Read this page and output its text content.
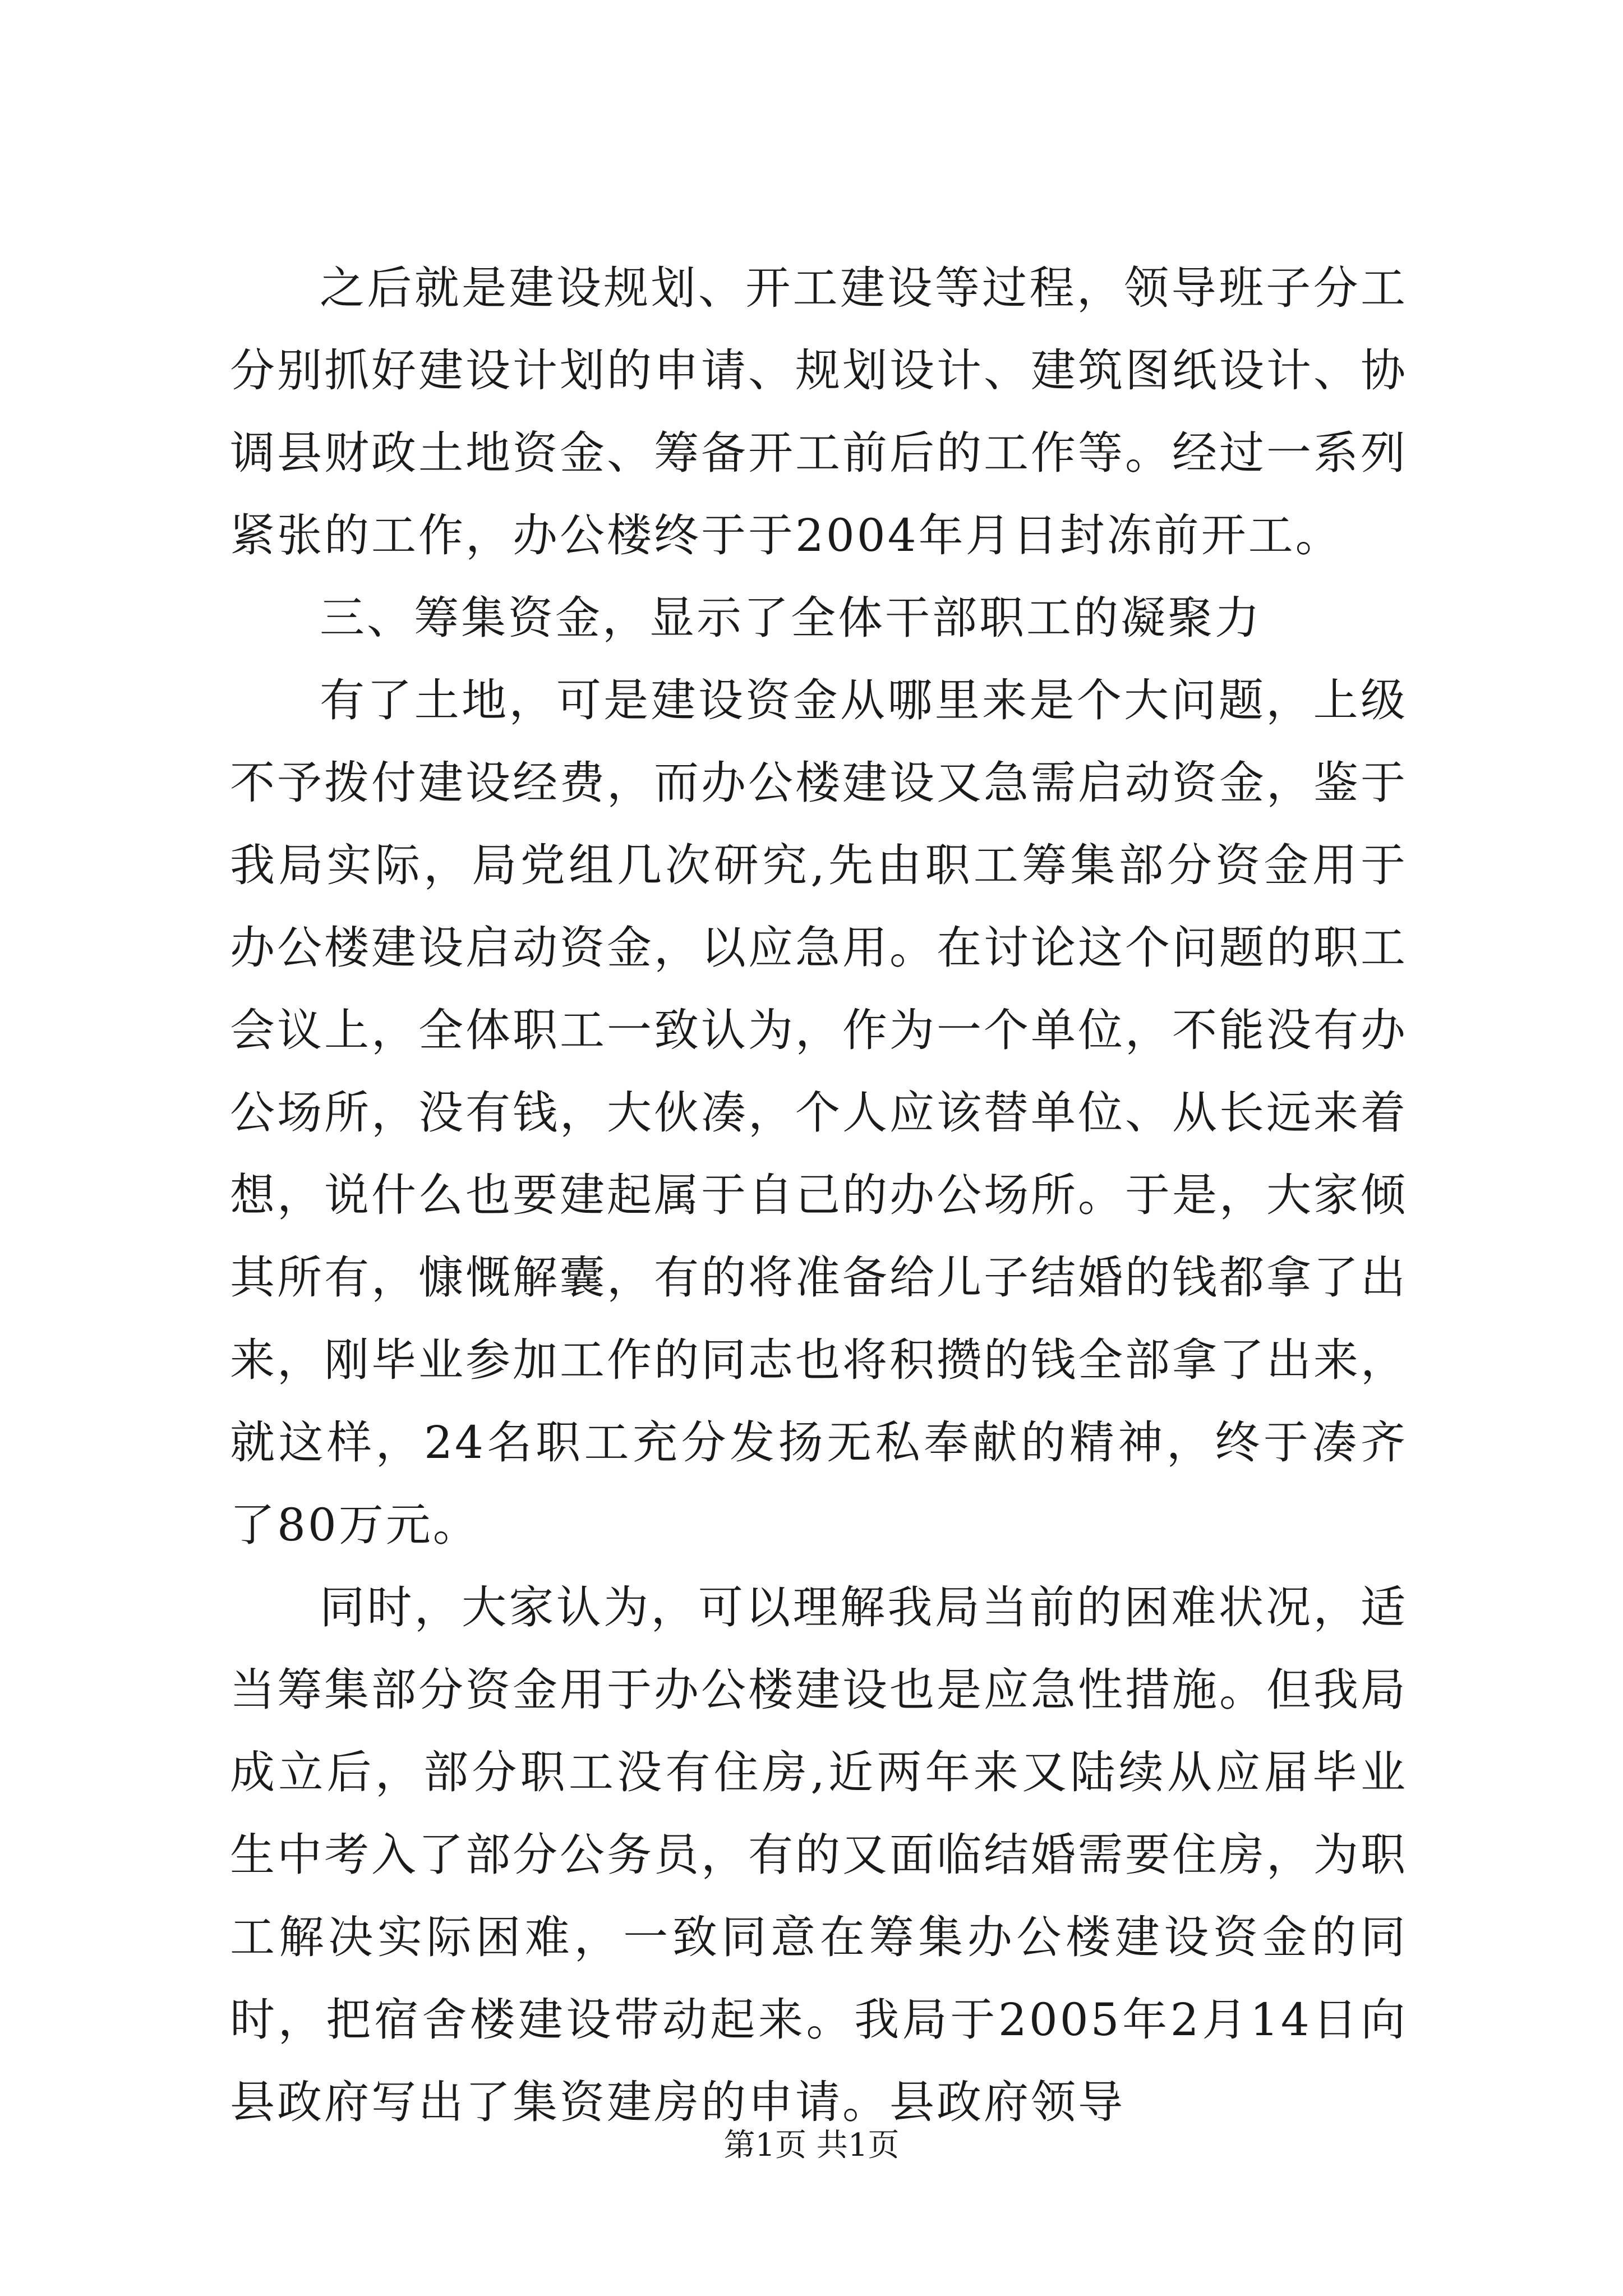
之后就是建设规划、开工建设等过程，领导班子分工分别抓好建设计划的申请、规划设计、建筑图纸设计、协调县财政土地资金、筹备开工前后的工作等。经过一系列紧张的工作，办公楼终于于2004年月日封冻前开工。

三、筹集资金，显示了全体干部职工的凝聚力

有了土地，可是建设资金从哪里来是个大问题，上级不予拨付建设经费，而办公楼建设又急需启动资金，鉴于我局实际，局党组几次研究,先由职工筹集部分资金用于办公楼建设启动资金，以应急用。在讨论这个问题的职工会议上，全体职工一致认为，作为一个单位，不能没有办公场所，没有钱，大伙凑，个人应该替单位、从长远来着想，说什么也要建起属于自己的办公场所。于是，大家倾其所有，慷慨解囊，有的将准备给儿子结婚的钱都拿了出来，刚毕业参加工作的同志也将积攒的钱全部拿了出来，就这样，24名职工充分发扬无私奉献的精神，终于凑齐了80万元。

同时，大家认为，可以理解我局当前的困难状况，适当筹集部分资金用于办公楼建设也是应急性措施。但我局成立后，部分职工没有住房,近两年来又陆续从应届毕业生中考入了部分公务员，有的又面临结婚需要住房，为职工解决实际困难，一致同意在筹集办公楼建设资金的同时，把宿舍楼建设带动起来。我局于2005年2月14日向县政府写出了集资建房的申请。县政府领导

第1页 共1页
